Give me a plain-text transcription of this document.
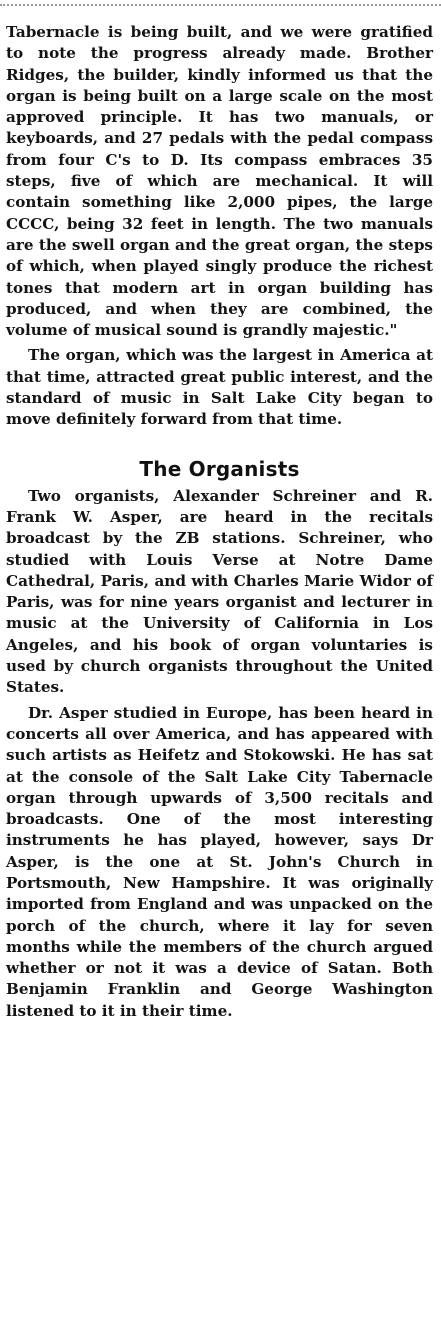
Tabernacle is being built, and we were gratified to note the progress already made. Brother Ridges, the builder, kindly informed us that the organ is being built on a large scale on the most approved principle. It has two manuals, or keyboards, and 27 pedals with the pedal compass from four C's to D. Its compass embraces 35 steps, five of which are mechanical. It will contain something like 2,000 pipes, the large CCCC, being 32 feet in length. The two manuals are the swell organ and the great organ, the steps of which, when played singly produce the richest tones that modern art in organ building has produced, and when they are combined, the volume of musical sound is grandly majestic."

The organ, which was the largest in America at that time, attracted great public interest, and the standard of music in Salt Lake City began to move definitely forward from that time.

The Organists

Two organists, Alexander Schreiner and R. Frank W. Asper, are heard in the recitals broadcast by the ZB stations. Schreiner, who studied with Louis Verse at Notre Dame Cathedral, Paris, and with Charles Marie Widor of Paris, was for nine years organist and lecturer in music at the University of California in Los Angeles, and his book of organ voluntaries is used by church organists throughout the United States.

Dr. Asper studied in Europe, has been heard in concerts all over America, and has appeared with such artists as Heifetz and Stokowski. He has sat at the console of the Salt Lake City Tabernacle organ through upwards of 3,500 recitals and broadcasts. One of the most interesting instruments he has played, however, says Dr Asper, is the one at St. John's Church in Portsmouth, New Hampshire. It was originally imported from England and was unpacked on the porch of the church, where it lay for seven months while the members of the church argued whether or not it was a device of Satan. Both Benjamin Franklin and George Washington listened to it in their time.
